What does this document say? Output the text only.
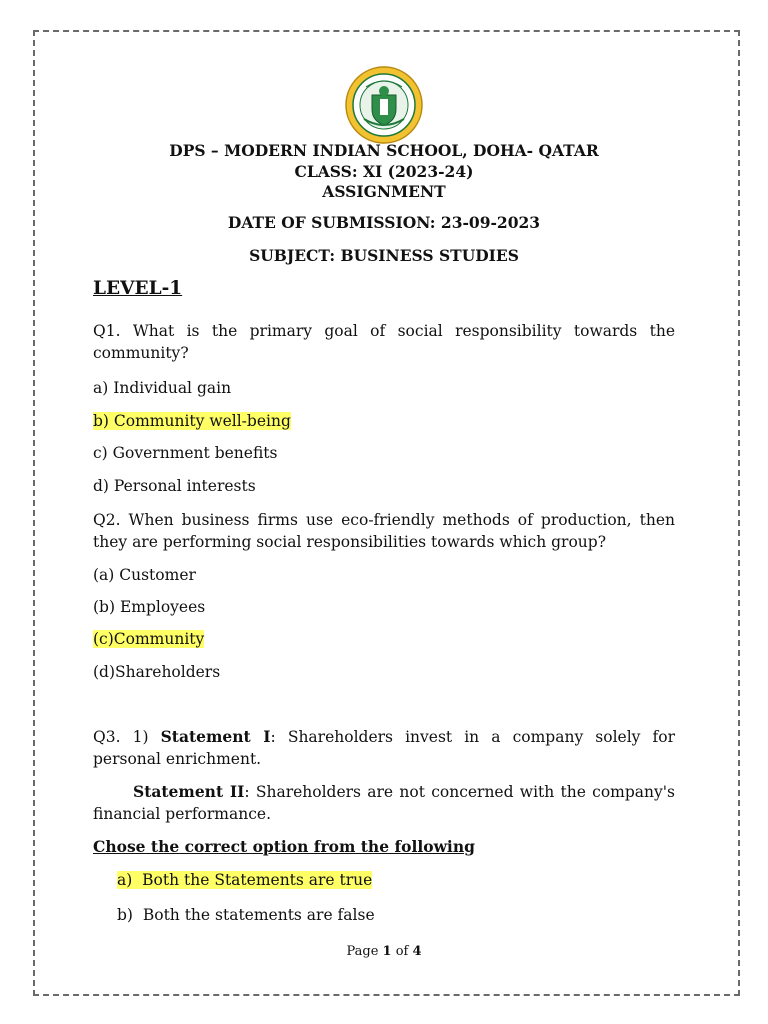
DPS – MODERN INDIAN SCHOOL, DOHA- QATAR
CLASS: XI (2023-24)
ASSIGNMENT
DATE OF SUBMISSION: 23-09-2023
SUBJECT: BUSINESS STUDIES
LEVEL-1
Q1. What is the primary goal of social responsibility towards the community?
a) Individual gain
b) Community well-being
c) Government benefits
d) Personal interests
Q2. When business firms use eco-friendly methods of production, then they are performing social responsibilities towards which group?
(a) Customer
(b) Employees
(c)Community
(d)Shareholders
Q3. 1) Statement I: Shareholders invest in a company solely for personal enrichment.
Statement II: Shareholders are not concerned with the company's financial performance.
Chose the correct option from the following
a) Both the Statements are true
b) Both the statements are false
Page 1 of 4
